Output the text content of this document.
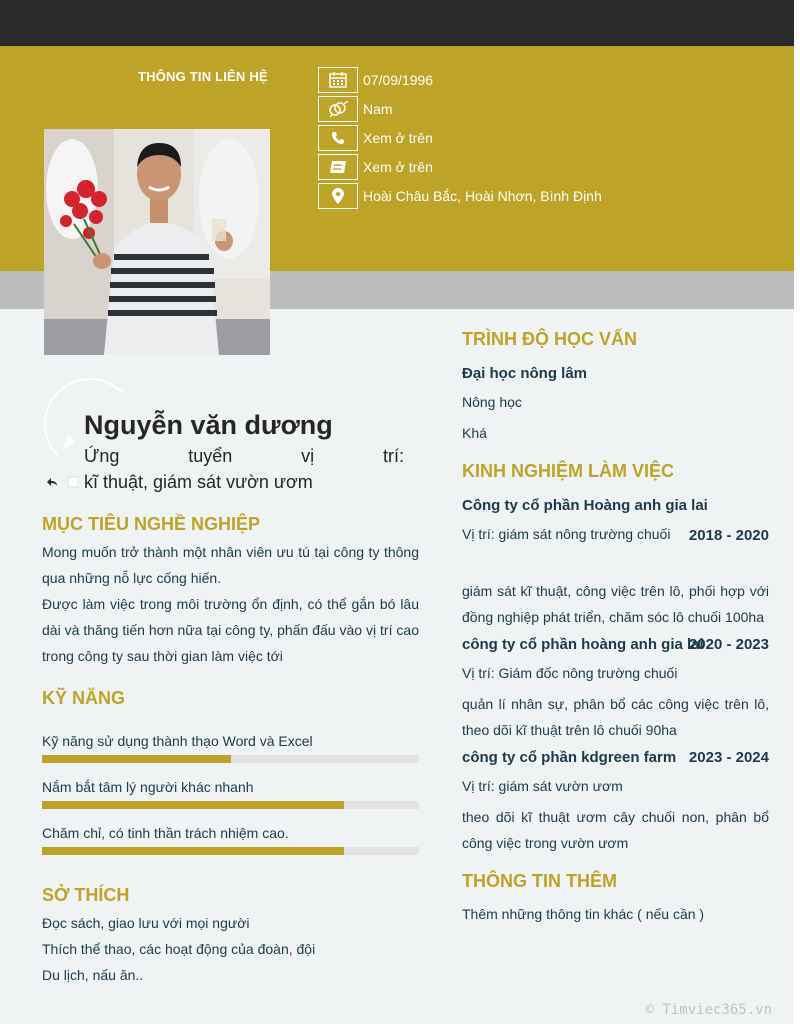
THÔNG TIN LIÊN HỆ	07/09/1996
Nam
Xem ở trên
Xem ở trên
Hoài Châu Bắc, Hoài Nhơn, Bình Định
Nguyễn văn dương
Ứng	tuyển	vị	trí:
kĩ thuật, giám sát vườn ươm
MỤC TIÊU NGHỀ NGHIỆP
Mong muốn trở thành một nhân viên ưu tú tại công ty thông qua những nỗ lực cống hiến.
Được làm việc trong môi trường ổn định, có thể gắn bó lâu dài và thăng tiến hơn nữa tại công ty, phấn đấu vào vị trí cao trong công ty sau thời gian làm việc tới
KỸ NĂNG
Kỹ năng sử dụng thành thạo Word và Excel
Nắm bắt tâm lý người khác nhanh
Chăm chỉ, có tinh thần trách nhiệm cao.
SỞ THÍCH
Đọc sách, giao lưu với mọi người
Thích thể thao, các hoạt động của đoàn, đội
Du lịch, nấu ăn..
TRÌNH ĐỘ HỌC VẤN
Đại học nông lâm
Nông học
Khá
KINH NGHIỆM LÀM VIỆC
Công ty cổ phần Hoàng anh gia lai
Vị trí: giám sát nông trường chuối 2018 - 2020
giám sát kĩ thuật, công việc trên lô, phối hợp với đồng nghiệp phát triển, chăm sóc lô chuối 100ha
công ty cổ phần hoàng anh gia lai
2020 - 2023
Vị trí: Giám đốc nông trường chuối
quản lí nhân sự, phân bổ các công việc trên lô, theo dõi kĩ thuật trên lô chuối 90ha
công ty cổ phần kdgreen farm 2023 - 2024
Vị trí: giám sát vườn ươm
theo dõi kĩ thuật ươm cây chuối non, phân bổ công việc trong vườn ươm
THÔNG TIN THÊM
Thêm những thông tin khác ( nếu cần )
© Timviec365.vn
